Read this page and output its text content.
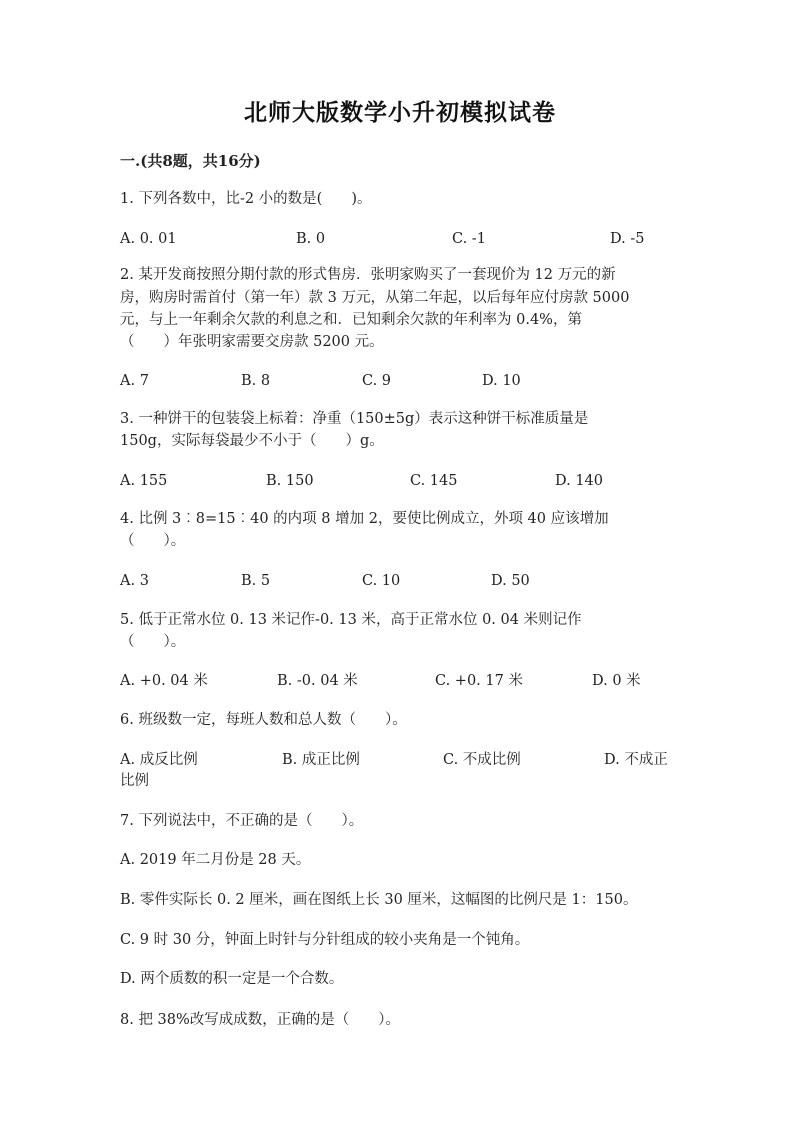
北师大版数学小升初模拟试卷
一.(共8题，共16分)
1. 下列各数中，比-2 小的数是(　　)。
A. 0. 01	B. 0	C. -1	D. -5
2. 某开发商按照分期付款的形式售房．张明家购买了一套现价为 12 万元的新
房，购房时需首付（第一年）款 3 万元，从第二年起，以后每年应付房款 5000
元，与上一年剩余欠款的利息之和．已知剩余欠款的年利率为 0.4%，第
（　　）年张明家需要交房款 5200 元。
A. 7	B. 8	C. 9	D. 10
3. 一种饼干的包装袋上标着：净重（150±5g）表示这种饼干标准质量是
150g，实际每袋最少不小于（　　）g。
A. 155	B. 150	C. 145	D. 140
4. 比例 3︰8=15︰40 的内项 8 增加 2，要使比例成立，外项 40 应该增加
（　　）。
A. 3	B. 5	C. 10	D. 50
5. 低于正常水位 0. 13 米记作-0. 13 米，高于正常水位 0. 04 米则记作
（　　）。
A. +0. 04 米	B. -0. 04 米	C. +0. 17 米	D. 0 米
6. 班级数一定，每班人数和总人数（　　）。
A. 成反比例	B. 成正比例	C. 不成比例	D. 不成正
比例
7. 下列说法中，不正确的是（　　）。
A. 2019 年二月份是 28 天。
B. 零件实际长 0. 2 厘米，画在图纸上长 30 厘米，这幅图的比例尺是 1：150。
C. 9 时 30 分，钟面上时针与分针组成的较小夹角是一个钝角。
D. 两个质数的积一定是一个合数。
8. 把 38%改写成成数，正确的是（　　）。
